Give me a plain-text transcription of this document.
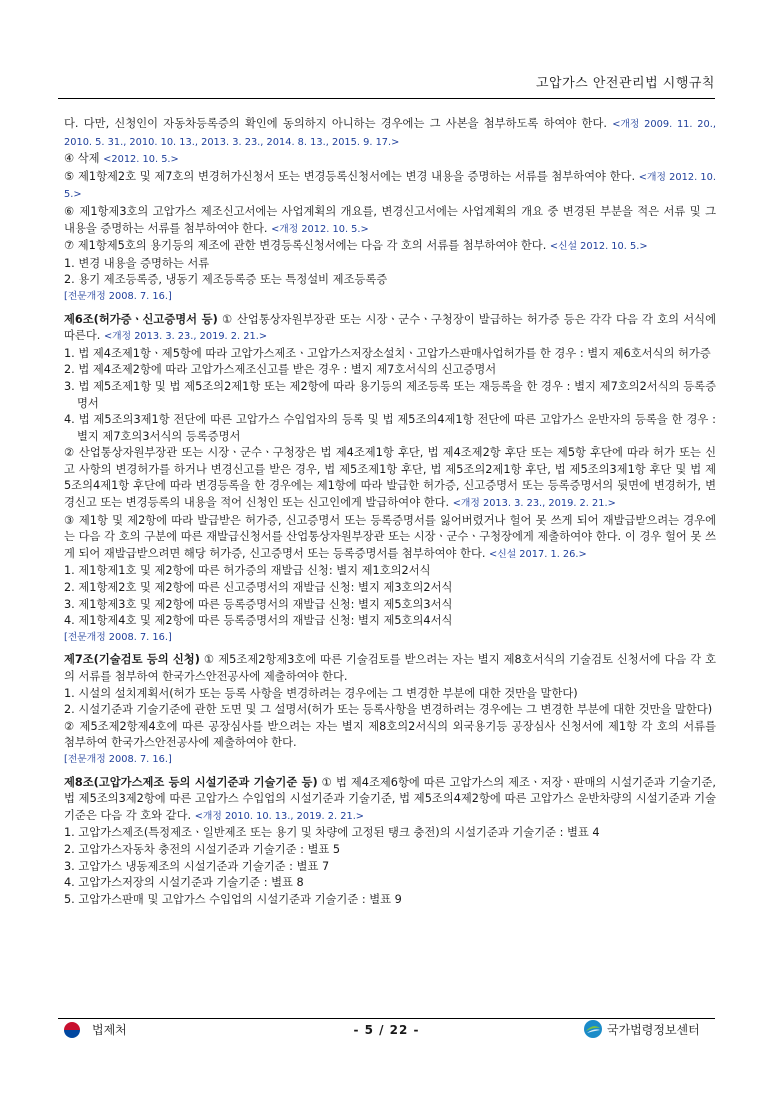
고압가스 안전관리법 시행규칙

다. 다만, 신청인이 자동차등록증의 확인에 동의하지 아니하는 경우에는 그 사본을 첨부하도록 하여야 한다. <개정 2009. 11. 20., 2010. 5. 31., 2010. 10. 13., 2013. 3. 23., 2014. 8. 13., 2015. 9. 17.>

④ 삭제 <2012. 10. 5.>

⑤ 제1항제2호 및 제7호의 변경허가신청서 또는 변경등록신청서에는 변경 내용을 증명하는 서류를 첨부하여야 한다. <개정 2012. 10. 5.>

⑥ 제1항제3호의 고압가스 제조신고서에는 사업계획의 개요를, 변경신고서에는 사업계획의 개요 중 변경된 부분을 적은 서류 및 그 내용을 증명하는 서류를 첨부하여야 한다. <개정 2012. 10. 5.>

⑦ 제1항제5호의 용기등의 제조에 관한 변경등록신청서에는 다음 각 호의 서류를 첨부하여야 한다. <신설 2012. 10. 5.>

1. 변경 내용을 증명하는 서류

2. 용기 제조등록증, 냉동기 제조등록증 또는 특정설비 제조등록증

[전문개정 2008. 7. 16.]

제6조(허가증ㆍ신고증명서 등) ① 산업통상자원부장관 또는 시장ㆍ군수ㆍ구청장이 발급하는 허가증 등은 각각 다음 각 호의 서식에 따른다. <개정 2013. 3. 23., 2019. 2. 21.>

1. 법 제4조제1항ㆍ제5항에 따라 고압가스제조ㆍ고압가스저장소설치ㆍ고압가스판매사업허가를 한 경우 : 별지 제6호서식의 허가증

2. 법 제4조제2항에 따라 고압가스제조신고를 받은 경우 : 별지 제7호서식의 신고증명서

3. 법 제5조제1항 및 법 제5조의2제1항 또는 제2항에 따라 용기등의 제조등록 또는 재등록을 한 경우 : 별지 제7호의2서식의 등록증명서

4. 법 제5조의3제1항 전단에 따른 고압가스 수입업자의 등록 및 법 제5조의4제1항 전단에 따른 고압가스 운반자의 등록을 한 경우 : 별지 제7호의3서식의 등록증명서

② 산업통상자원부장관 또는 시장ㆍ군수ㆍ구청장은 법 제4조제1항 후단, 법 제4조제2항 후단 또는 제5항 후단에 따라 허가 또는 신고 사항의 변경허가를 하거나 변경신고를 받은 경우, 법 제5조제1항 후단, 법 제5조의2제1항 후단, 법 제5조의3제1항 후단 및 법 제5조의4제1항 후단에 따라 변경등록을 한 경우에는 제1항에 따라 발급한 허가증, 신고증명서 또는 등록증명서의 뒷면에 변경허가, 변경신고 또는 변경등록의 내용을 적어 신청인 또는 신고인에게 발급하여야 한다. <개정 2013. 3. 23., 2019. 2. 21.>

③ 제1항 및 제2항에 따라 발급받은 허가증, 신고증명서 또는 등록증명서를 잃어버렸거나 헐어 못 쓰게 되어 재발급받으려는 경우에는 다음 각 호의 구분에 따른 재발급신청서를 산업통상자원부장관 또는 시장ㆍ군수ㆍ구청장에게 제출하여야 한다. 이 경우 헐어 못 쓰게 되어 재발급받으려면 해당 허가증, 신고증명서 또는 등록증명서를 첨부하여야 한다. <신설 2017. 1. 26.>

1. 제1항제1호 및 제2항에 따른 허가증의 재발급 신청: 별지 제1호의2서식

2. 제1항제2호 및 제2항에 따른 신고증명서의 재발급 신청: 별지 제3호의2서식

3. 제1항제3호 및 제2항에 따른 등록증명서의 재발급 신청: 별지 제5호의3서식

4. 제1항제4호 및 제2항에 따른 등록증명서의 재발급 신청: 별지 제5호의4서식

[전문개정 2008. 7. 16.]

제7조(기술검토 등의 신청) ① 제5조제2항제3호에 따른 기술검토를 받으려는 자는 별지 제8호서식의 기술검토 신청서에 다음 각 호의 서류를 첨부하여 한국가스안전공사에 제출하여야 한다.

1. 시설의 설치계획서(허가 또는 등록 사항을 변경하려는 경우에는 그 변경한 부분에 대한 것만을 말한다)

2. 시설기준과 기술기준에 관한 도면 및 그 설명서(허가 또는 등록사항을 변경하려는 경우에는 그 변경한 부분에 대한 것만을 말한다)

② 제5조제2항제4호에 따른 공장심사를 받으려는 자는 별지 제8호의2서식의 외국용기등 공장심사 신청서에 제1항 각 호의 서류를 첨부하여 한국가스안전공사에 제출하여야 한다.

[전문개정 2008. 7. 16.]

제8조(고압가스제조 등의 시설기준과 기술기준 등) ① 법 제4조제6항에 따른 고압가스의 제조ㆍ저장ㆍ판매의 시설기준과 기술기준, 법 제5조의3제2항에 따른 고압가스 수입업의 시설기준과 기술기준, 법 제5조의4제2항에 따른 고압가스 운반차량의 시설기준과 기술기준은 다음 각 호와 같다. <개정 2010. 10. 13., 2019. 2. 21.>

1. 고압가스제조(특정제조ㆍ일반제조 또는 용기 및 차량에 고정된 탱크 충전)의 시설기준과 기술기준 : 별표 4

2. 고압가스자동차 충전의 시설기준과 기술기준 : 별표 5

3. 고압가스 냉동제조의 시설기준과 기술기준 : 별표 7

4. 고압가스저장의 시설기준과 기술기준 : 별표 8

5. 고압가스판매 및 고압가스 수입업의 시설기준과 기술기준 : 별표 9

법제처	- 5 / 22 -	국가법령정보센터
